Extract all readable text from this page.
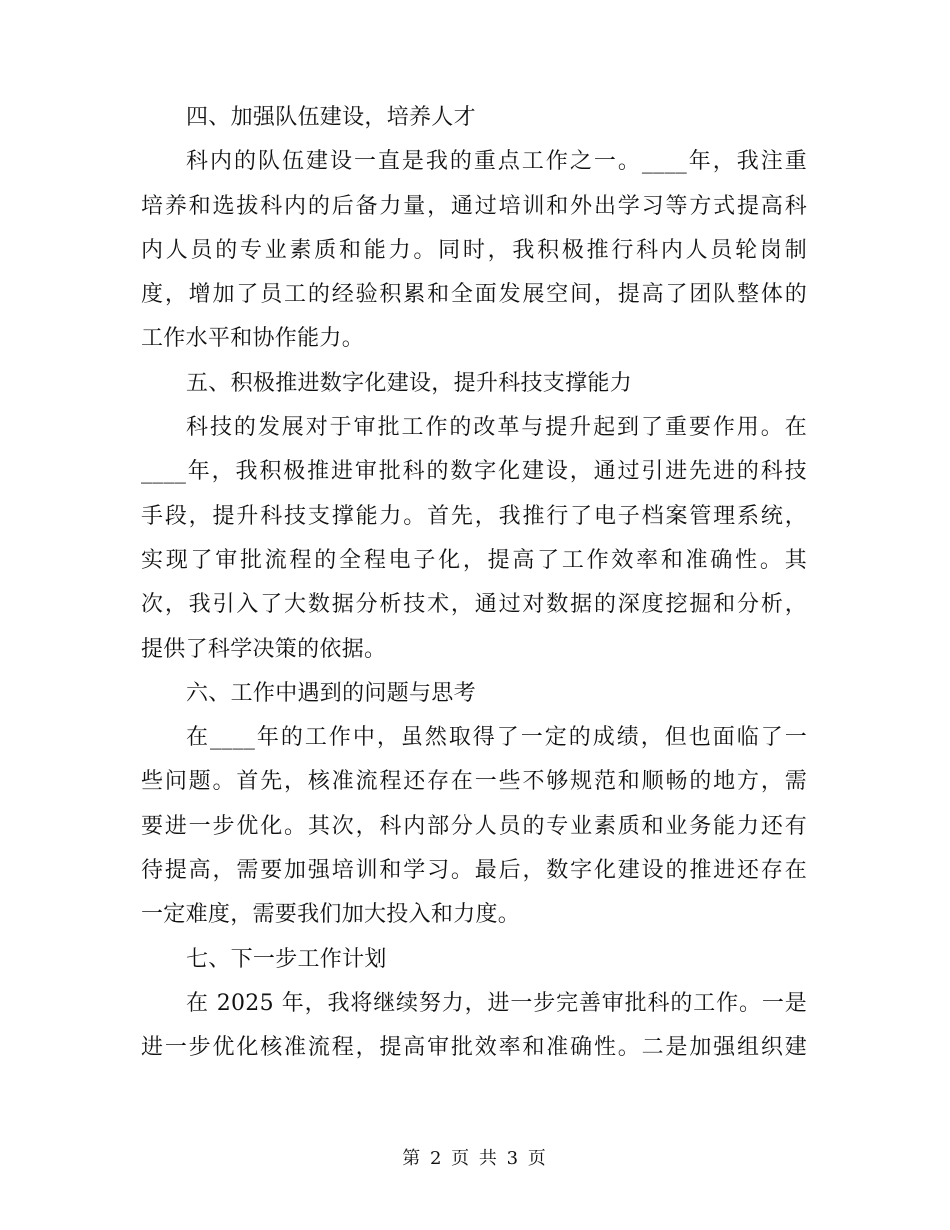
四、加强队伍建设，培养人才
科内的队伍建设一直是我的重点工作之一。____年，我注重
培养和选拔科内的后备力量，通过培训和外出学习等方式提高科
内人员的专业素质和能力。同时，我积极推行科内人员轮岗制
度，增加了员工的经验积累和全面发展空间，提高了团队整体的
工作水平和协作能力。
五、积极推进数字化建设，提升科技支撑能力
科技的发展对于审批工作的改革与提升起到了重要作用。在
____年，我积极推进审批科的数字化建设，通过引进先进的科技
手段，提升科技支撑能力。首先，我推行了电子档案管理系统，
实现了审批流程的全程电子化，提高了工作效率和准确性。其
次，我引入了大数据分析技术，通过对数据的深度挖掘和分析，
提供了科学决策的依据。
六、工作中遇到的问题与思考
在____年的工作中，虽然取得了一定的成绩，但也面临了一
些问题。首先，核准流程还存在一些不够规范和顺畅的地方，需
要进一步优化。其次，科内部分人员的专业素质和业务能力还有
待提高，需要加强培训和学习。最后，数字化建设的推进还存在
一定难度，需要我们加大投入和力度。
七、下一步工作计划
在 2025 年，我将继续努力，进一步完善审批科的工作。一是
进一步优化核准流程，提高审批效率和准确性。二是加强组织建
第 2 页 共 3 页
